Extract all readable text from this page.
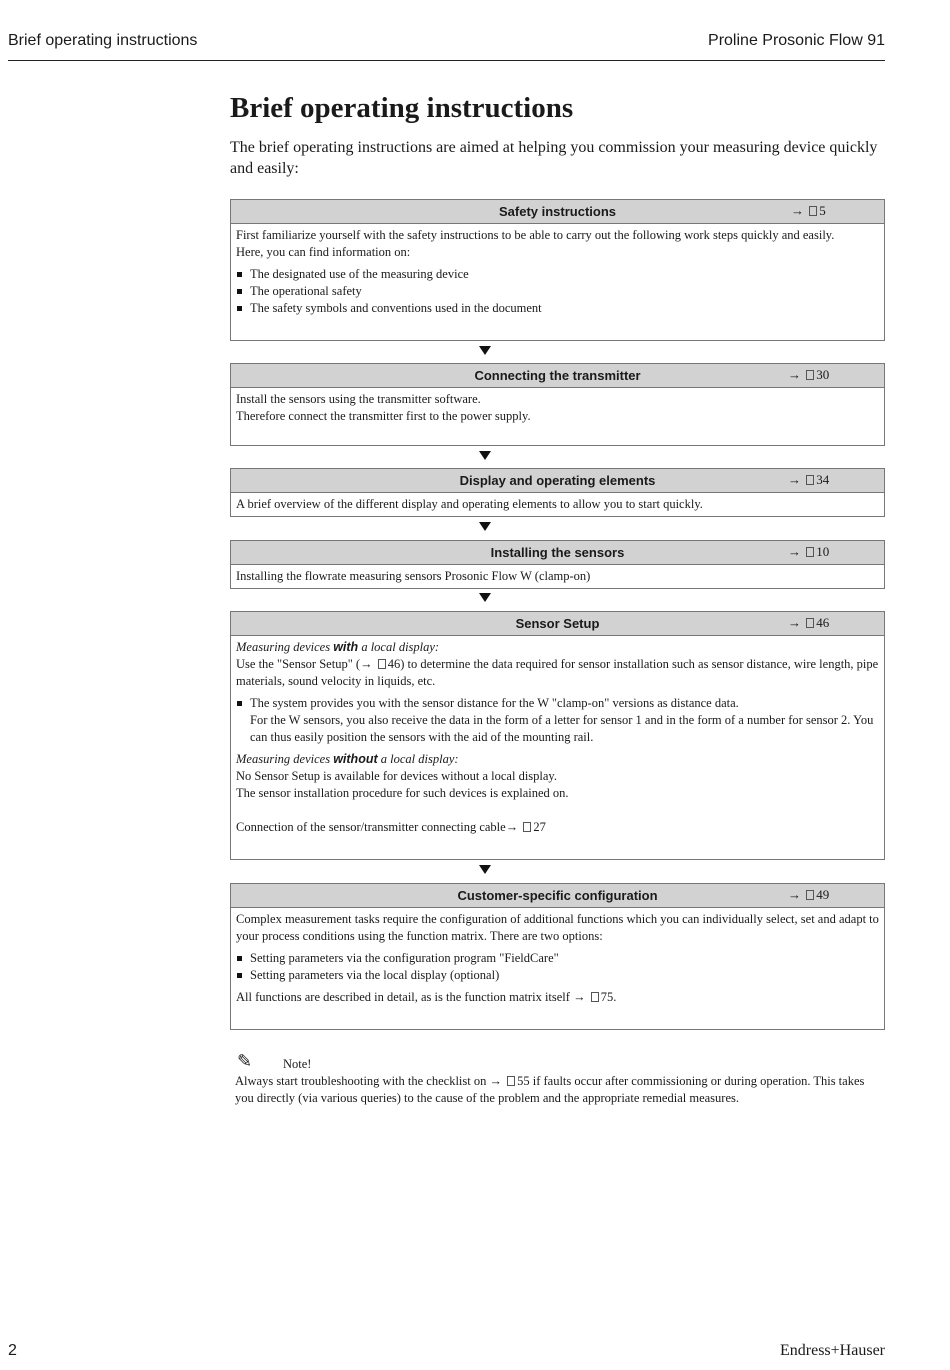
Brief operating instructions	Proline Prosonic Flow 91
Brief operating instructions
The brief operating instructions are aimed at helping you commission your measuring device quickly and easily:
Safety instructions	→ 5

First familiarize yourself with the safety instructions to be able to carry out the following work steps quickly and easily.

Here, you can find information on:

The designated use of the measuring device
The operational safety
The safety symbols and conventions used in the document
Connecting the transmitter	→ 30

Install the sensors using the transmitter software.

Therefore connect the transmitter first to the power supply.

Display and operating elements	→ 34

A brief overview of the different display and operating elements to allow you to start quickly.

Installing the sensors	→ 10

Installing the flowrate measuring sensors Prosonic Flow W (clamp-on)

Sensor Setup	→ 46

Measuring devices with a local display:

Use the "Sensor Setup" (→ 46) to determine the data required for sensor installation such as sensor distance, wire length, pipe materials, sound velocity in liquids, etc.

The system provides you with the sensor distance for the W "clamp-on" versions as distance data.
For the W sensors, you also receive the data in the form of a letter for sensor 1 and in the form of a number for sensor 2. You can thus easily position the sensors with the aid of the mounting rail.

Measuring devices without a local display:

No Sensor Setup is available for devices without a local display.

The sensor installation procedure for such devices is explained on.

Connection of the sensor/transmitter connecting cable→ 27

Customer-specific configuration	→ 49

Complex measurement tasks require the configuration of additional functions which you can individually select, set and adapt to your process conditions using the function matrix. There are two options:

Setting parameters via the configuration program "FieldCare"
Setting parameters via the local display (optional)

All functions are described in detail, as is the function matrix itself → 75.

✎ Note!

Always start troubleshooting with the checklist on → 55 if faults occur after commissioning or during operation. This takes you directly (via various queries) to the cause of the problem and the appropriate remedial measures.

2	Endress+Hauser
